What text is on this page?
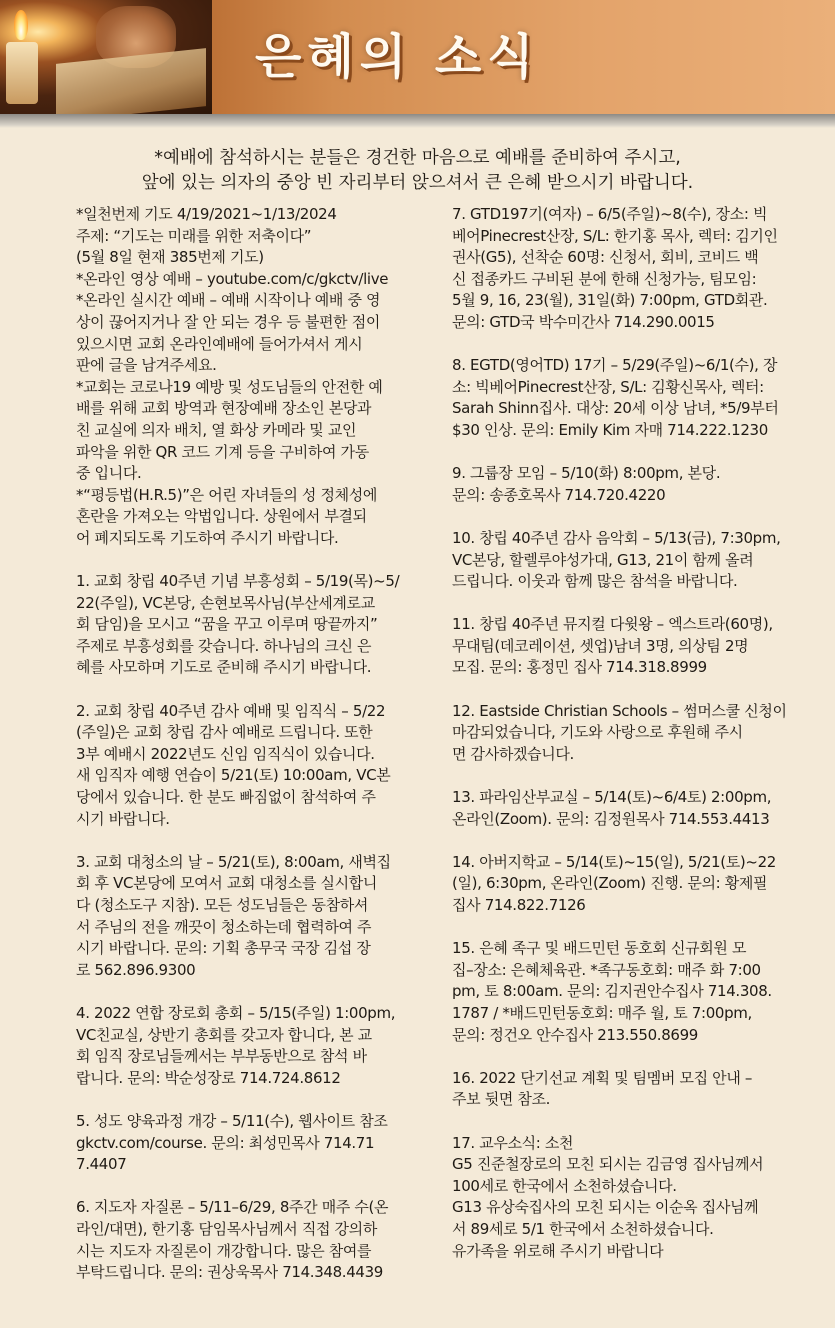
은혜의 소식
*예배에 참석하시는 분들은 경건한 마음으로 예배를 준비하여 주시고,
앞에 있는 의자의 중앙 빈 자리부터 앉으셔서 큰 은혜 받으시기 바랍니다.

*일천번제 기도 4/19/2021~1/13/2024

주제: “기도는 미래를 위한 저축이다”

(5월 8일 현재 385번제 기도)

*온라인 영상 예배 – youtube.com/c/gkctv/live

*온라인 실시간 예배 – 예배 시작이나 예배 중 영

상이 끊어지거나 잘 안 되는 경우 등 불편한 점이

있으시면 교회 온라인예배에 들어가셔서 게시

판에 글을 남겨주세요.

*교회는 코로나19 예방 및 성도님들의 안전한 예

배를 위해 교회 방역과 현장예배 장소인 본당과

친 교실에 의자 배치, 열 화상 카메라 및 교인

파악을 위한 QR 코드 기계 등을 구비하여 가동

중 입니다.

*“평등법(H.R.5)”은 어린 자녀들의 성 정체성에

혼란을 가져오는 악법입니다. 상원에서 부결되

어 폐지되도록 기도하여 주시기 바랍니다.

1. 교회 창립 40주년 기념 부흥성회 – 5/19(목)~5/

22(주일), VC본당, 손현보목사님(부산세계로교

회 담임)을 모시고 “꿈을 꾸고 이루며 땅끝까지”

주제로 부흥성회를 갖습니다. 하나님의 크신 은

혜를 사모하며 기도로 준비해 주시기 바랍니다.

2. 교회 창립 40주년 감사 예배 및 임직식 – 5/22

(주일)은 교회 창립 감사 예배로 드립니다. 또한

3부 예배시 2022년도 신임 임직식이 있습니다.

새 임직자 예행 연습이 5/21(토) 10:00am, VC본

당에서 있습니다. 한 분도 빠짐없이 참석하여 주

시기 바랍니다.

3. 교회 대청소의 날 – 5/21(토), 8:00am, 새벽집

회 후 VC본당에 모여서 교회 대청소를 실시합니

다 (청소도구 지참). 모든 성도님들은 동참하셔

서 주님의 전을 깨끗이 청소하는데 협력하여 주

시기 바랍니다. 문의: 기획 총무국 국장 김섭 장

로 562.896.9300

4. 2022 연합 장로회 총회 – 5/15(주일) 1:00pm,

VC친교실, 상반기 총회를 갖고자 합니다, 본 교

회 임직 장로님들께서는 부부동반으로 참석 바

랍니다. 문의: 박순성장로 714.724.8612

5. 성도 양육과정 개강 – 5/11(수), 웹사이트 참조

gkctv.com/course. 문의: 최성민목사 714.71 7.4407

6. 지도자 자질론 – 5/11–6/29, 8주간 매주 수(온

라인/대면), 한기홍 담임목사님께서 직접 강의하

시는 지도자 자질론이 개강합니다. 많은 참여를

부탁드립니다. 문의: 권상욱목사 714.348.4439

7. GTD197기(여자) – 6/5(주일)~8(수), 장소: 빅

베어Pinecrest산장, S/L: 한기홍 목사, 렉터: 김기인

권사(G5), 선착순 60명: 신청서, 회비, 코비드 백

신 접종카드 구비된 분에 한해 신청가능, 팀모임:

5월 9, 16, 23(월), 31일(화) 7:00pm, GTD회관.

문의: GTD국 박수미간사 714.290.0015

8. EGTD(영어TD) 17기 – 5/29(주일)~6/1(수), 장

소: 빅베어Pinecrest산장, S/L: 김황신목사, 렉터:

Sarah Shinn집사. 대상: 20세 이상 남녀, *5/9부터

$30 인상. 문의: Emily Kim 자매 714.222.1230

9. 그룹장 모임 – 5/10(화) 8:00pm, 본당.

문의: 송종호목사 714.720.4220

10. 창립 40주년 감사 음악회 – 5/13(금), 7:30pm,

VC본당, 할렐루야성가대, G13, 21이 함께 올려

드립니다. 이웃과 함께 많은 참석을 바랍니다.

11. 창립 40주년 뮤지컬 다윗왕 – 엑스트라(60명),

무대팀(데코레이션, 셋업)남녀 3명, 의상팀 2명

모집. 문의: 홍정민 집사 714.318.8999

12. Eastside Christian Schools – 썸머스쿨 신청이

마감되었습니다, 기도와 사랑으로 후원해 주시

면 감사하겠습니다.

13. 파라임산부교실 – 5/14(토)~6/4토) 2:00pm,

온라인(Zoom). 문의: 김정원목사 714.553.4413

14. 아버지학교 – 5/14(토)~15(일), 5/21(토)~22

(일), 6:30pm, 온라인(Zoom) 진행. 문의: 황제필

집사 714.822.7126

15. 은혜 족구 및 배드민턴 동호회 신규회원 모

집–장소: 은혜체육관. *족구동호회: 매주 화 7:00

pm, 토 8:00am. 문의: 김지권안수집사 714.308.

1787 / *배드민턴동호회: 매주 월, 토 7:00pm,

문의: 정건오 안수집사 213.550.8699

16. 2022 단기선교 계획 및 팀멤버 모집 안내 –

주보 뒷면 참조.

17. 교우소식: 소천

G5 진준철장로의 모친 되시는 김금영 집사님께서

100세로 한국에서 소천하셨습니다.

G13 유상숙집사의 모친 되시는 이순옥 집사님께

서 89세로 5/1 한국에서 소천하셨습니다.

유가족을 위로해 주시기 바랍니다
